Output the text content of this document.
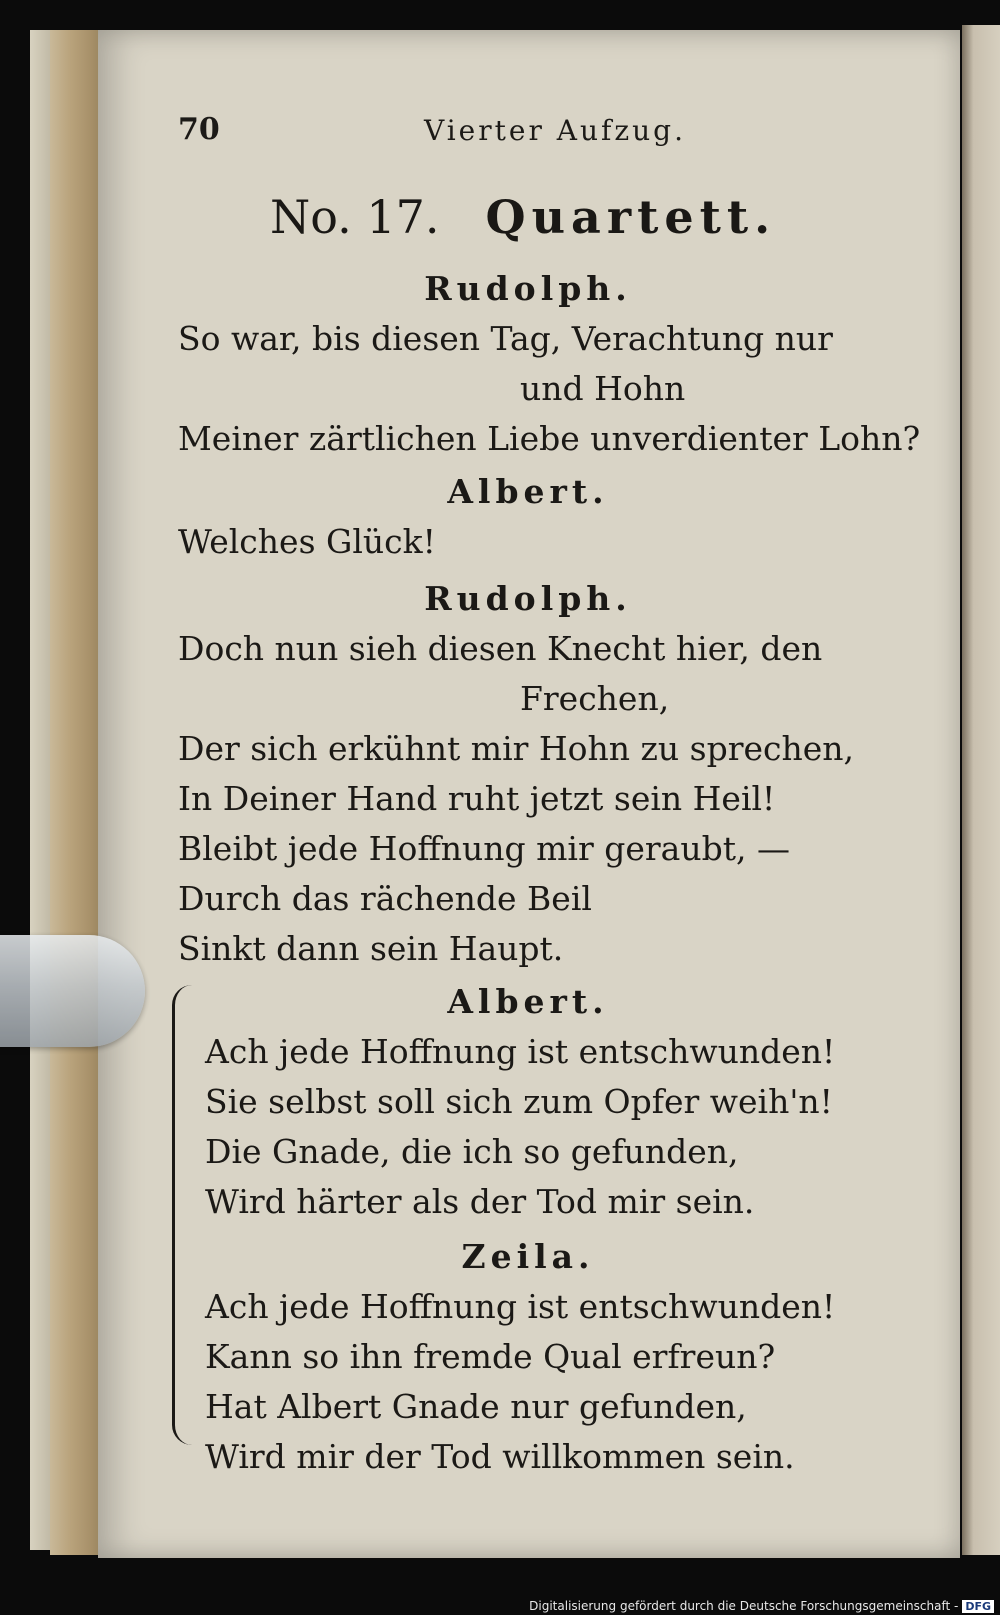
70	Vierter Aufzug.
No. 17. Quartett.
Rudolph.
So war, bis diesen Tag, Verachtung nur
und Hohn
Meiner zärtlichen Liebe unverdienter Lohn?
Albert.
Welches Glück!
Rudolph.
Doch nun sieh diesen Knecht hier, den
Frechen,
Der sich erkühnt mir Hohn zu sprechen,
In Deiner Hand ruht jetzt sein Heil!
Bleibt jede Hoffnung mir geraubt, —
Durch das rächende Beil
Sinkt dann sein Haupt.
Albert.
Ach jede Hoffnung ist entschwunden!
Sie selbst soll sich zum Opfer weih'n!
Die Gnade, die ich so gefunden,
Wird härter als der Tod mir sein.
Zeila.
Ach jede Hoffnung ist entschwunden!
Kann so ihn fremde Qual erfreun?
Hat Albert Gnade nur gefunden,
Wird mir der Tod willkommen sein.
Digitalisierung gefördert durch die Deutsche Forschungsgemeinschaft - DFG
